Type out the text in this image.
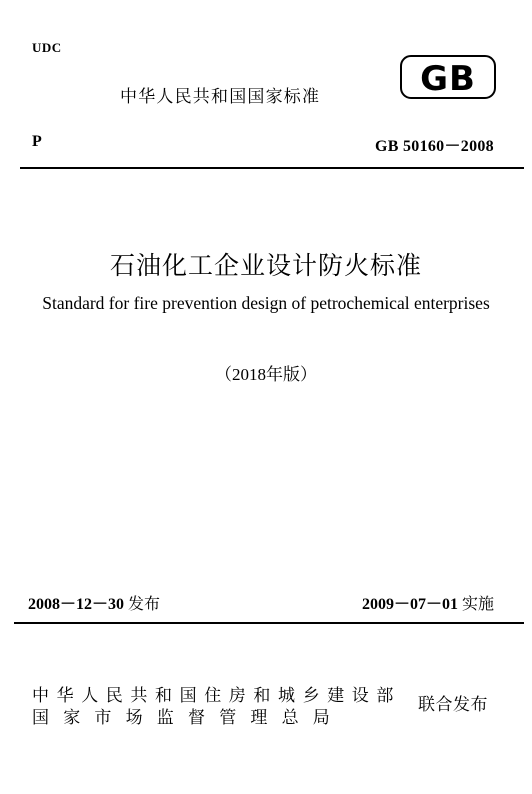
UDC
中华人民共和国国家标准	GB
P	GB 50160－2008
石油化工企业设计防火标准
Standard for fire prevention design of petrochemical enterprises
（2018年版）
2008－12－30 发布	2009－07－01 实施
中华人民共和国住房和城乡建设部
国家市场监督管理总局
联合发布
